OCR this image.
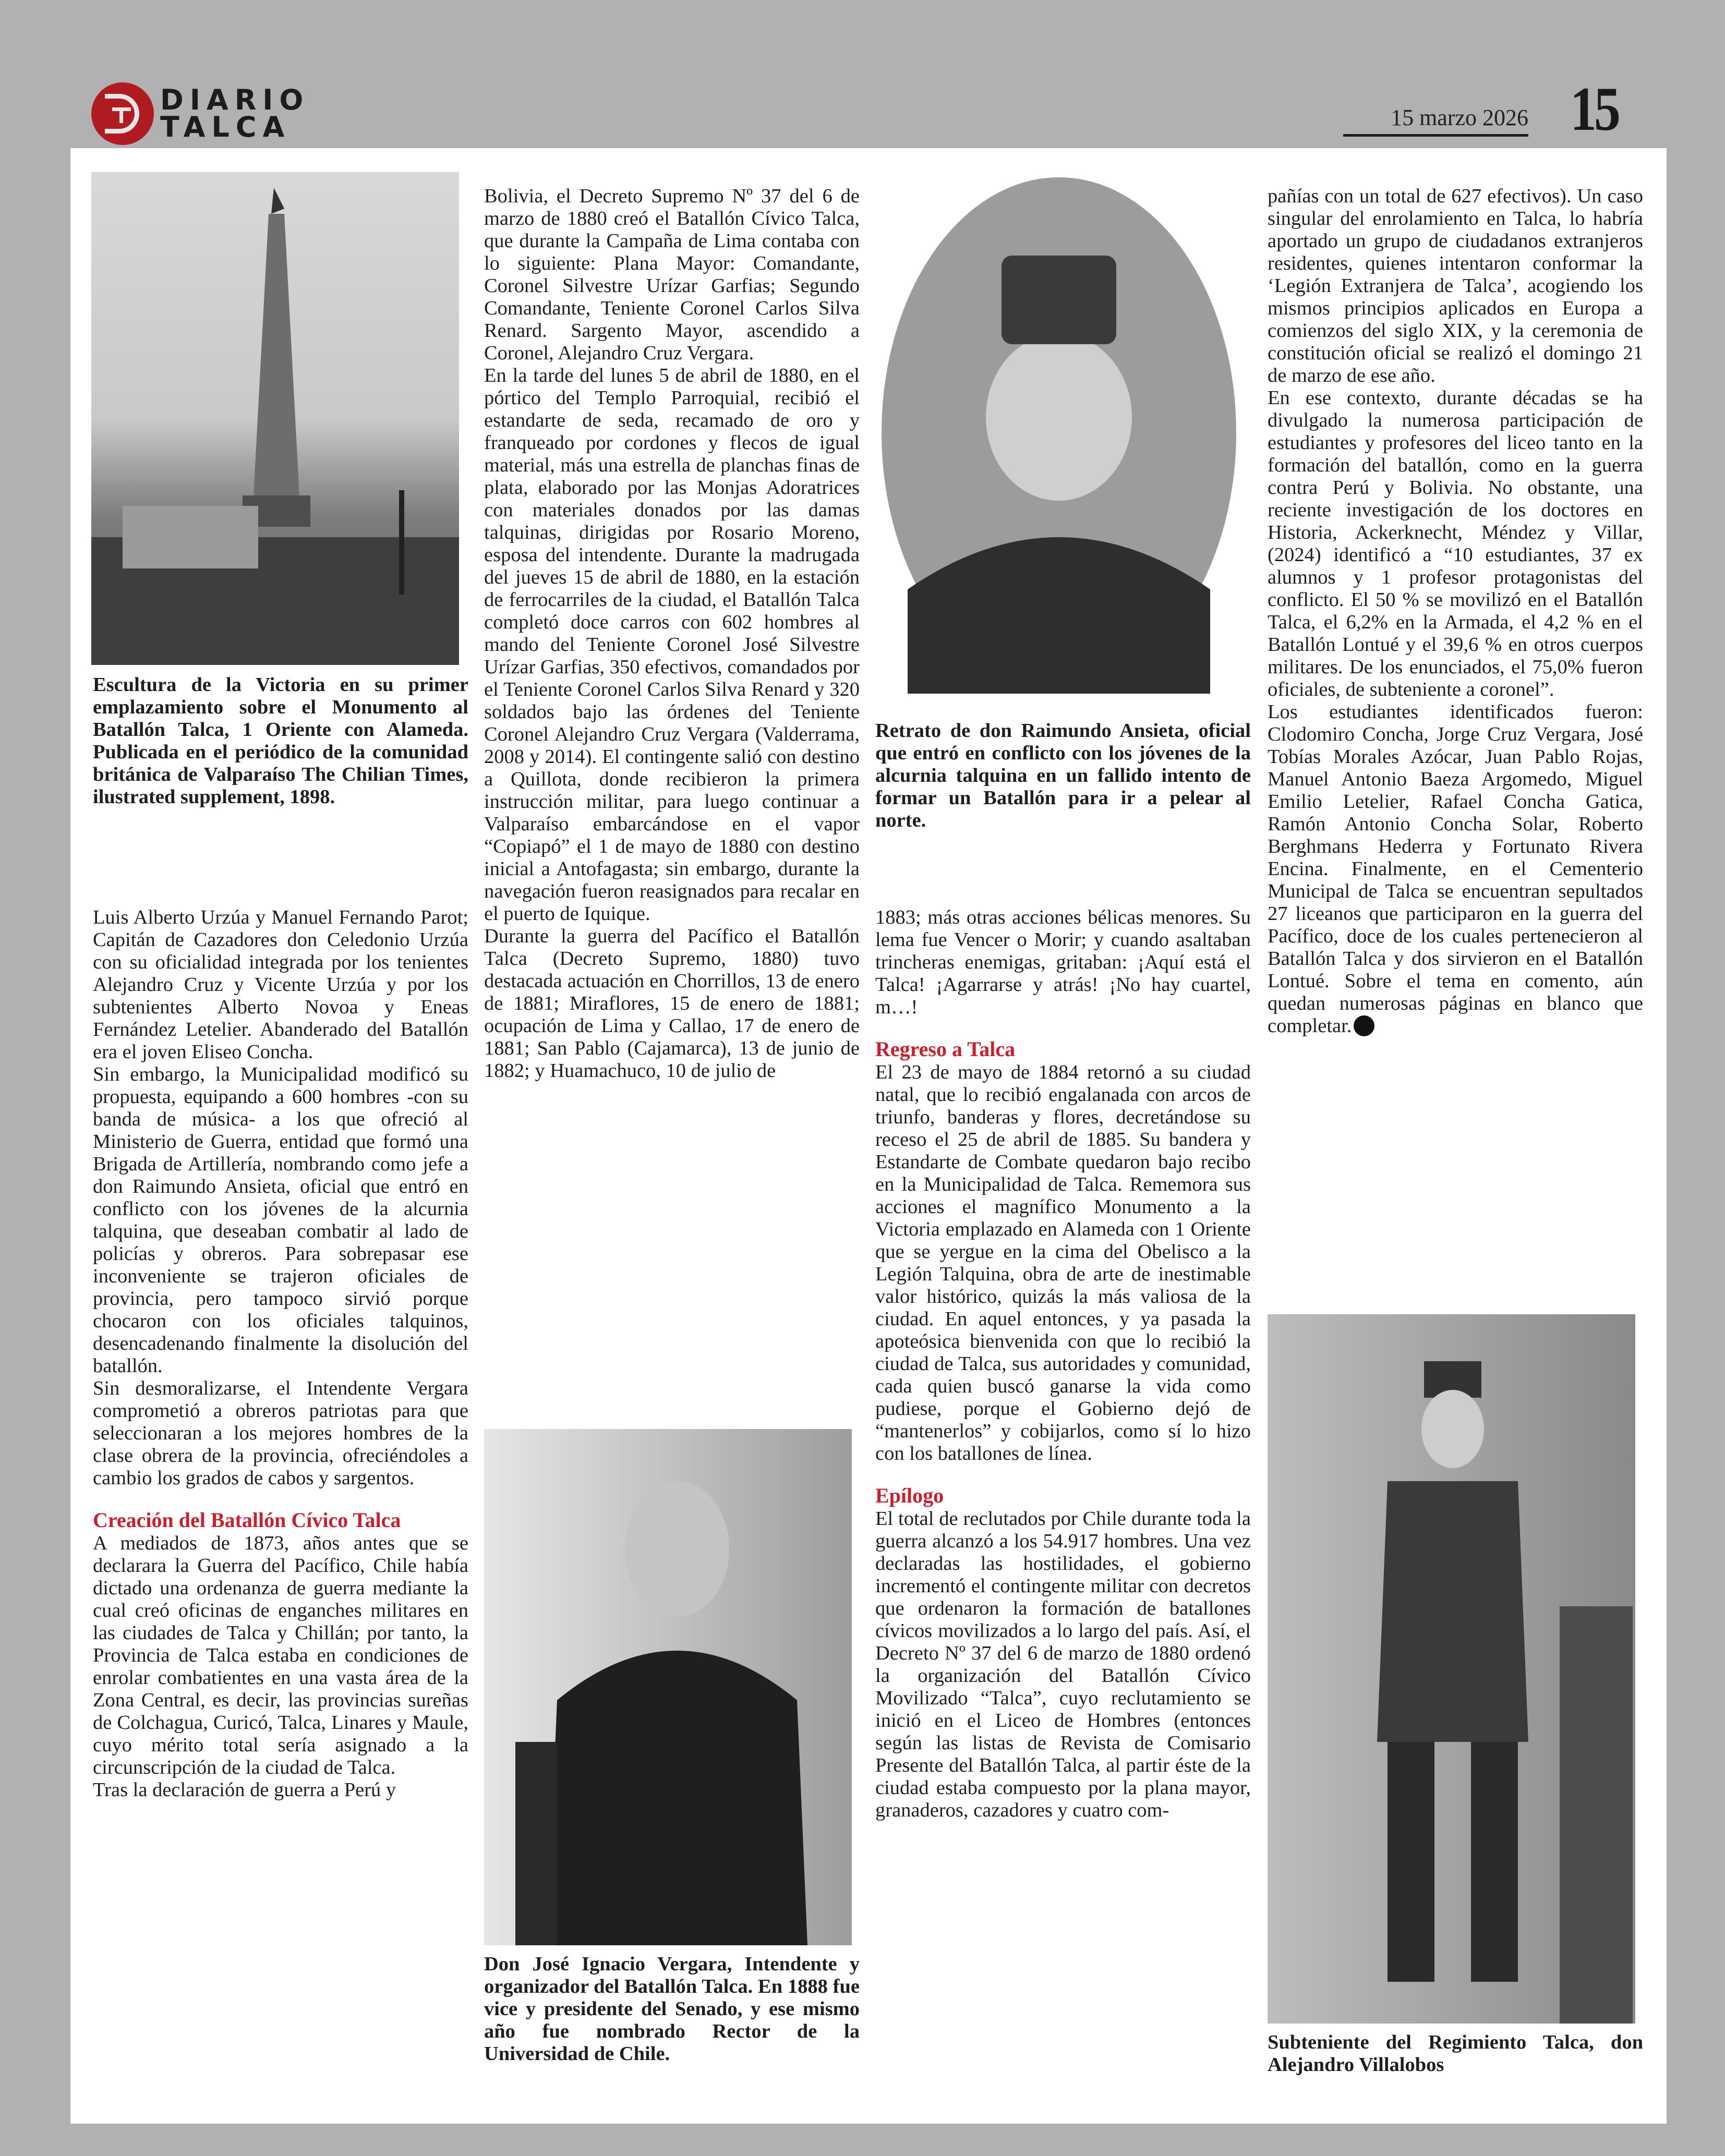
DIARIO
TALCA	15 marzo 2026 15

Escultura de la Victoria en su primer emplazamiento sobre el Monumento al Batallón Talca, 1 Oriente con Alameda. Publicada en el periódico de la comunidad británica de Valparaíso The Chilian Times, ilustrated supplement, 1898.

Luis Alberto Urzúa y Manuel Fernando Parot; Capitán de Cazadores don Celedonio Urzúa con su oficialidad integrada por los tenientes Alejandro Cruz y Vicente Urzúa y por los subtenientes Alberto Novoa y Eneas Fernández Letelier. Abanderado del Batallón era el joven Eliseo Concha.

Sin embargo, la Municipalidad modificó su propuesta, equipando a 600 hombres -con su banda de música- a los que ofreció al Ministerio de Guerra, entidad que formó una Brigada de Artillería, nombrando como jefe a don Raimundo Ansieta, oficial que entró en conflicto con los jóvenes de la alcurnia talquina, que deseaban combatir al lado de policías y obreros. Para sobrepasar ese inconveniente se trajeron oficiales de provincia, pero tampoco sirvió porque chocaron con los oficiales talquinos, desencadenando finalmente la disolución del batallón.

Sin desmoralizarse, el Intendente Vergara comprometió a obreros patriotas para que seleccionaran a los mejores hombres de la clase obrera de la provincia, ofreciéndoles a cambio los grados de cabos y sargentos.

Creación del Batallón Cívico Talca

A mediados de 1873, años antes que se declarara la Guerra del Pacífico, Chile había dictado una ordenanza de guerra mediante la cual creó oficinas de enganches militares en las ciudades de Talca y Chillán; por tanto, la Provincia de Talca estaba en condiciones de enrolar combatientes en una vasta área de la Zona Central, es decir, las provincias sureñas de Colchagua, Curicó, Talca, Linares y Maule, cuyo mérito total sería asignado a la circunscripción de la ciudad de Talca.

Tras la declaración de guerra a Perú y

Bolivia, el Decreto Supremo Nº 37 del 6 de marzo de 1880 creó el Batallón Cívico Talca, que durante la Campaña de Lima contaba con lo siguiente: Plana Mayor: Comandante, Coronel Silvestre Urízar Garfias; Segundo Comandante, Teniente Coronel Carlos Silva Renard. Sargento Mayor, ascendido a Coronel, Alejandro Cruz Vergara.

En la tarde del lunes 5 de abril de 1880, en el pórtico del Templo Parroquial, recibió el estandarte de seda, recamado de oro y franqueado por cordones y flecos de igual material, más una estrella de planchas finas de plata, elaborado por las Monjas Adoratrices con materiales donados por las damas talquinas, dirigidas por Rosario Moreno, esposa del intendente. Durante la madrugada del jueves 15 de abril de 1880, en la estación de ferrocarriles de la ciudad, el Batallón Talca completó doce carros con 602 hombres al mando del Teniente Coronel José Silvestre Urízar Garfias, 350 efectivos, comandados por el Teniente Coronel Carlos Silva Renard y 320 soldados bajo las órdenes del Teniente Coronel Alejandro Cruz Vergara (Valderrama, 2008 y 2014). El contingente salió con destino a Quillota, donde recibieron la primera instrucción militar, para luego continuar a Valparaíso embarcándose en el vapor “Copiapó” el 1 de mayo de 1880 con destino inicial a Antofagasta; sin embargo, durante la navegación fueron reasignados para recalar en el puerto de Iquique.

Durante la guerra del Pacífico el Batallón Talca (Decreto Supremo, 1880) tuvo destacada actuación en Chorrillos, 13 de enero de 1881; Miraflores, 15 de enero de 1881; ocupación de Lima y Callao, 17 de enero de 1881; San Pablo (Cajamarca), 13 de junio de 1882; y Huamachuco, 10 de julio de

Don José Ignacio Vergara, Intendente y organizador del Batallón Talca. En 1888 fue vice y presidente del Senado, y ese mismo año fue nombrado Rector de la Universidad de Chile.

Retrato de don Raimundo Ansieta, oficial que entró en conflicto con los jóvenes de la alcurnia talquina en un fallido intento de formar un Batallón para ir a pelear al norte.

1883; más otras acciones bélicas menores. Su lema fue Vencer o Morir; y cuando asaltaban trincheras enemigas, gritaban: ¡Aquí está el Talca! ¡Agarrarse y atrás! ¡No hay cuartel, m…!

Regreso a Talca

El 23 de mayo de 1884 retornó a su ciudad natal, que lo recibió engalanada con arcos de triunfo, banderas y flores, decretándose su receso el 25 de abril de 1885. Su bandera y Estandarte de Combate quedaron bajo recibo en la Municipalidad de Talca. Rememora sus acciones el magnífico Monumento a la Victoria emplazado en Alameda con 1 Oriente que se yergue en la cima del Obelisco a la Legión Talquina, obra de arte de inestimable valor histórico, quizás la más valiosa de la ciudad. En aquel entonces, y ya pasada la apoteósica bienvenida con que lo recibió la ciudad de Talca, sus autoridades y comunidad, cada quien buscó ganarse la vida como pudiese, porque el Gobierno dejó de “mantenerlos” y cobijarlos, como sí lo hizo con los batallones de línea.

Epílogo

El total de reclutados por Chile durante toda la guerra alcanzó a los 54.917 hombres. Una vez declaradas las hostilidades, el gobierno incrementó el contingente militar con decretos que ordenaron la formación de batallones cívicos movilizados a lo largo del país. Así, el Decreto Nº 37 del 6 de marzo de 1880 ordenó la organización del Batallón Cívico Movilizado “Talca”, cuyo reclutamiento se inició en el Liceo de Hombres (entonces según las listas de Revista de Comisario Presente del Batallón Talca, al partir éste de la ciudad estaba compuesto por la plana mayor, granaderos, cazadores y cuatro com-

pañías con un total de 627 efectivos). Un caso singular del enrolamiento en Talca, lo habría aportado un grupo de ciudadanos extranjeros residentes, quienes intentaron conformar la ‘Legión Extranjera de Talca’, acogiendo los mismos principios aplicados en Europa a comienzos del siglo XIX, y la ceremonia de constitución oficial se realizó el domingo 21 de marzo de ese año.

En ese contexto, durante décadas se ha divulgado la numerosa participación de estudiantes y profesores del liceo tanto en la formación del batallón, como en la guerra contra Perú y Bolivia. No obstante, una reciente investigación de los doctores en Historia, Ackerknecht, Méndez y Villar, (2024) identificó a “10 estudiantes, 37 ex alumnos y 1 profesor protagonistas del conflicto. El 50 % se movilizó en el Batallón Talca, el 6,2% en la Armada, el 4,2 % en el Batallón Lontué y el 39,6 % en otros cuerpos militares. De los enunciados, el 75,0% fueron oficiales, de subteniente a coronel”.

Los estudiantes identificados fueron: Clodomiro Concha, Jorge Cruz Vergara, José Tobías Morales Azócar, Juan Pablo Rojas, Manuel Antonio Baeza Argomedo, Miguel Emilio Letelier, Rafael Concha Gatica, Ramón Antonio Concha Solar, Roberto Berghmans Hederra y Fortunato Rivera Encina. Finalmente, en el Cementerio Municipal de Talca se encuentran sepultados 27 liceanos que participaron en la guerra del Pacífico, doce de los cuales pertenecieron al Batallón Talca y dos sirvieron en el Batallón Lontué. Sobre el tema en comento, aún quedan numerosas páginas en blanco que completar.

Subteniente del Regimiento Talca, don Alejandro Villalobos
